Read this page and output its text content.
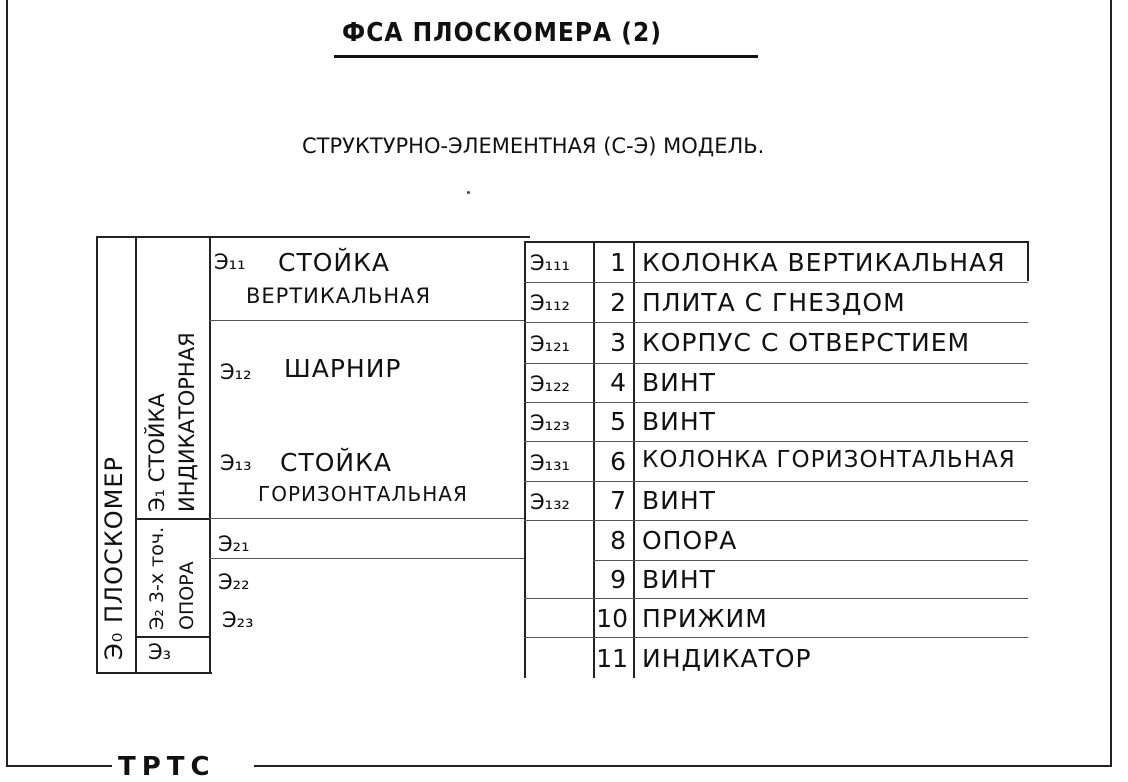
ТРТС
ФСА ПЛОСКОМЕРА (2)
СТРУКТУРНО-ЭЛЕМЕНТНАЯ (С-Э) МОДЕЛЬ.
Э₀ ПЛОСКОМЕР
Э₁ СТОЙКА ИНДИКАТОРНАЯ
Э₂ 3-х точ. ОПОРА
Э₃
Э₁₁ СТОЙКА
ВЕРТИКАЛЬНАЯ
Э₁₂ ШАРНИР
Э₁₃ СТОЙКА
ГОРИЗОНТАЛЬНАЯ
Э₂₁
Э₂₂
Э₂₃
Э₁₁₁
Э₁₁₂
Э₁₂₁
Э₁₂₂
Э₁₂₃
Э₁₃₁
Э₁₃₂
1
2
3
4
5
6
7
8
9
10
11
КОЛОНКА ВЕРТИКАЛЬНАЯ
ПЛИТА С ГНЕЗДОМ
КОРПУС С ОТВЕРСТИЕМ
ВИНТ
ВИНТ
КОЛОНКА ГОРИЗОНТАЛЬНАЯ
ВИНТ
ОПОРА
ВИНТ
ПРИЖИМ
ИНДИКАТОР
